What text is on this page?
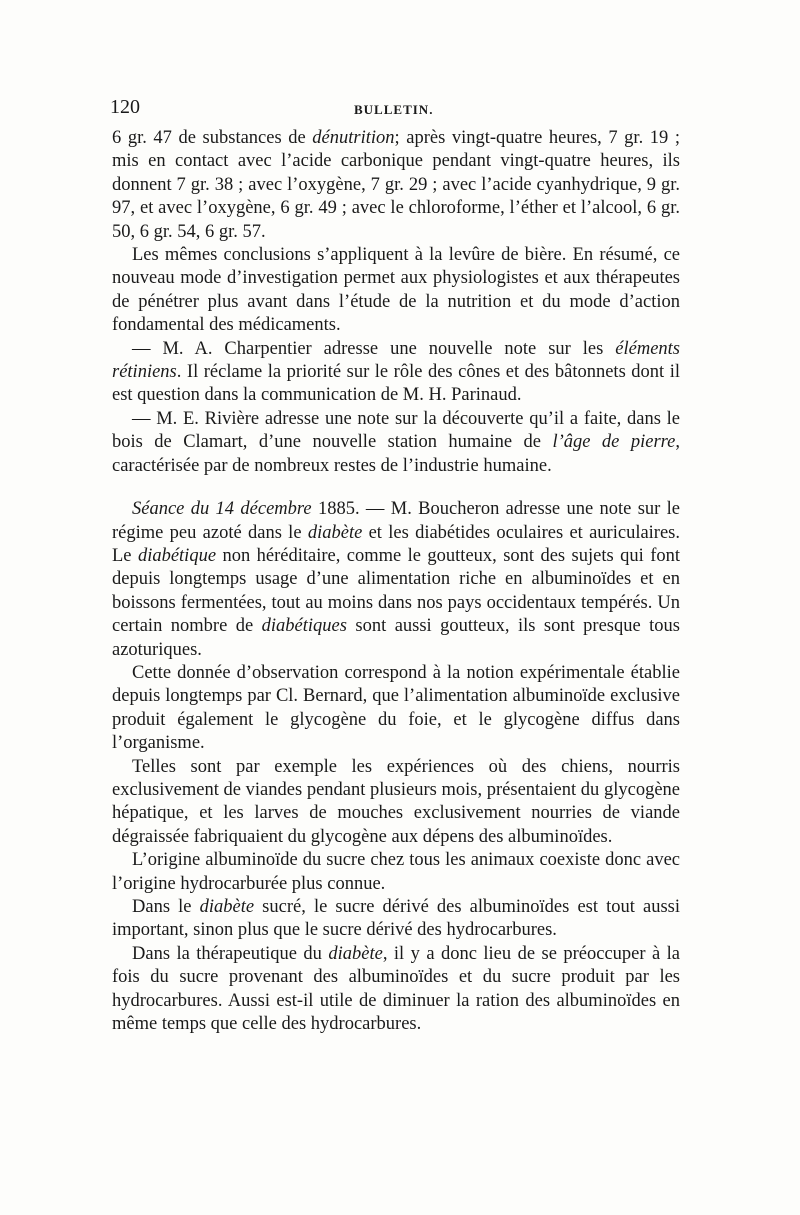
120	BULLETIN.

6 gr. 47 de substances de dénutrition; après vingt-quatre heures, 7 gr. 19 ; mis en contact avec l’acide carbonique pendant vingt-quatre heures, ils donnent 7 gr. 38 ; avec l’oxygène, 7 gr. 29 ; avec l’acide cyanhydrique, 9 gr. 97, et avec l’oxygène, 6 gr. 49 ; avec le chloroforme, l’éther et l’alcool, 6 gr. 50, 6 gr. 54, 6 gr. 57.

Les mêmes conclusions s’appliquent à la levûre de bière. En résumé, ce nouveau mode d’investigation permet aux physiologistes et aux thérapeutes de pénétrer plus avant dans l’étude de la nutrition et du mode d’action fondamental des médicaments.

— M. A. Charpentier adresse une nouvelle note sur les éléments rétiniens. Il réclame la priorité sur le rôle des cônes et des bâtonnets dont il est question dans la communication de M. H. Parinaud.

— M. E. Rivière adresse une note sur la découverte qu’il a faite, dans le bois de Clamart, d’une nouvelle station humaine de l’âge de pierre, caractérisée par de nombreux restes de l’industrie humaine.

Séance du 14 décembre 1885. — M. Boucheron adresse une note sur le régime peu azoté dans le diabète et les diabétides oculaires et auriculaires. Le diabétique non héréditaire, comme le goutteux, sont des sujets qui font depuis longtemps usage d’une alimentation riche en albuminoïdes et en boissons fermentées, tout au moins dans nos pays occidentaux tempérés. Un certain nombre de diabétiques sont aussi goutteux, ils sont presque tous azoturiques.

Cette donnée d’observation correspond à la notion expérimentale établie depuis longtemps par Cl. Bernard, que l’alimentation albuminoïde exclusive produit également le glycogène du foie, et le glycogène diffus dans l’organisme.

Telles sont par exemple les expériences où des chiens, nourris exclusivement de viandes pendant plusieurs mois, présentaient du glycogène hépatique, et les larves de mouches exclusivement nourries de viande dégraissée fabriquaient du glycogène aux dépens des albuminoïdes.

L’origine albuminoïde du sucre chez tous les animaux coexiste donc avec l’origine hydrocarburée plus connue.

Dans le diabète sucré, le sucre dérivé des albuminoïdes est tout aussi important, sinon plus que le sucre dérivé des hydrocarbures.

Dans la thérapeutique du diabète, il y a donc lieu de se préoccuper à la fois du sucre provenant des albuminoïdes et du sucre produit par les hydrocarbures. Aussi est-il utile de diminuer la ration des albuminoïdes en même temps que celle des hydrocarbures.
